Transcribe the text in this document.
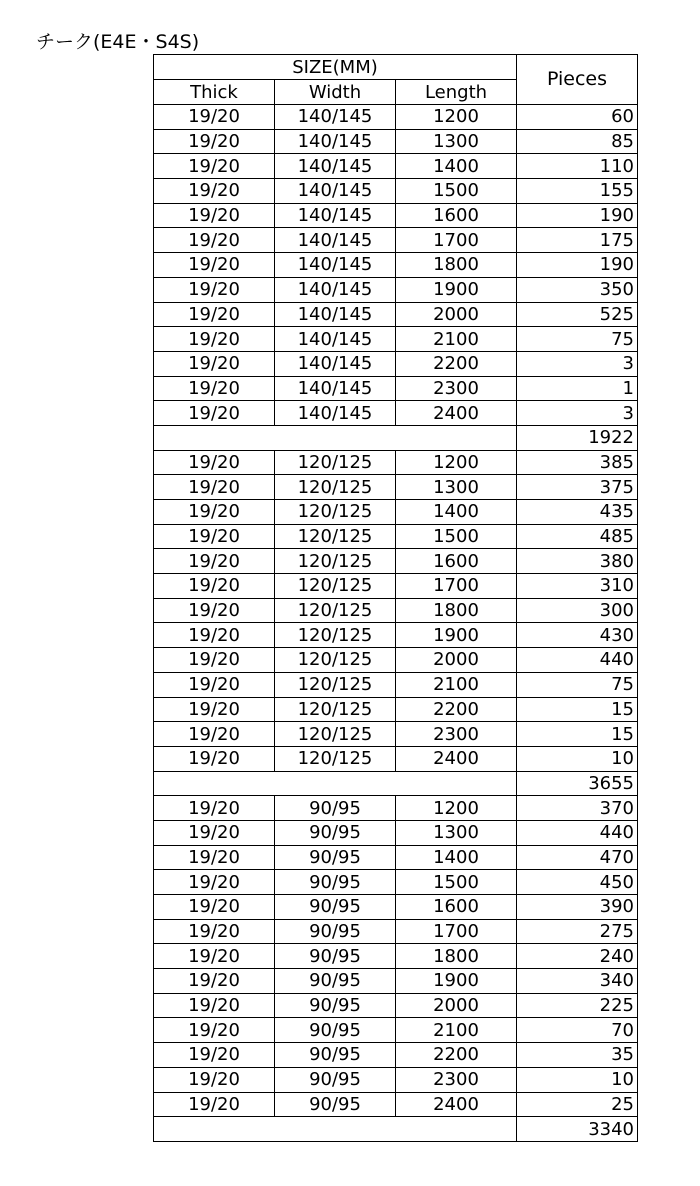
チーク(E4E・S4S)
SIZE(MM)			Pieces
Thick	Width	Length	
19/20	140/145	1200	60
19/20	140/145	1300	85
19/20	140/145	1400	110
19/20	140/145	1500	155
19/20	140/145	1600	190
19/20	140/145	1700	175
19/20	140/145	1800	190
19/20	140/145	1900	350
19/20	140/145	2000	525
19/20	140/145	2100	75
19/20	140/145	2200	3
19/20	140/145	2300	1
19/20	140/145	2400	3
			1922
19/20	120/125	1200	385
19/20	120/125	1300	375
19/20	120/125	1400	435
19/20	120/125	1500	485
19/20	120/125	1600	380
19/20	120/125	1700	310
19/20	120/125	1800	300
19/20	120/125	1900	430
19/20	120/125	2000	440
19/20	120/125	2100	75
19/20	120/125	2200	15
19/20	120/125	2300	15
19/20	120/125	2400	10
			3655
19/20	90/95	1200	370
19/20	90/95	1300	440
19/20	90/95	1400	470
19/20	90/95	1500	450
19/20	90/95	1600	390
19/20	90/95	1700	275
19/20	90/95	1800	240
19/20	90/95	1900	340
19/20	90/95	2000	225
19/20	90/95	2100	70
19/20	90/95	2200	35
19/20	90/95	2300	10
19/20	90/95	2400	25
			3340
